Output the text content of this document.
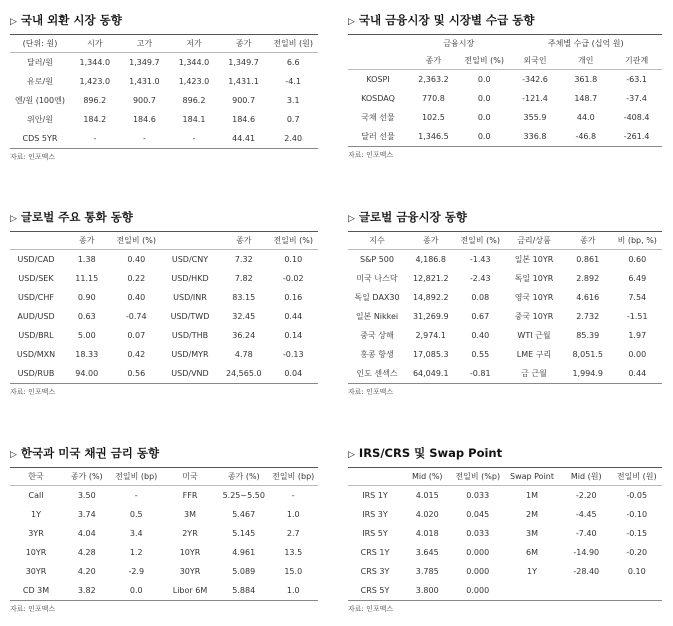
▷ 국내 외환 시장 동향
(단위: 원)	시가	고가	저가	종가	전일비 (원)
달러/원	1,344.0	1,349.7	1,344.0	1,349.7	6.6
유로/원	1,423.0	1,431.0	1,423.0	1,431.1	-4.1
엔/원 (100엔)	896.2	900.7	896.2	900.7	3.1
위안/원	184.2	184.6	184.1	184.6	0.7
CDS 5YR	-	-	-	44.41	2.40
자료: 인포맥스
▷ 국내 금융시장 및 시장별 수급 동향
	금융시장		주체별 수급 (십억 원)		
	종가	전일비 (%)	외국인	개인	기관계
KOSPI	2,363.2	0.0	-342.6	361.8	-63.1
KOSDAQ	770.8	0.0	-121.4	148.7	-37.4
국채 선물	102.5	0.0	355.9	44.0	-408.4
달러 선물	1,346.5	0.0	336.8	-46.8	-261.4
자료: 인포맥스
▷ 글로벌 주요 통화 동향
	종가	전일비 (%)		종가	전일비 (%)
USD/CAD	1.38	0.40	USD/CNY	7.32	0.10
USD/SEK	11.15	0.22	USD/HKD	7.82	-0.02
USD/CHF	0.90	0.40	USD/INR	83.15	0.16
AUD/USD	0.63	-0.74	USD/TWD	32.45	0.44
USD/BRL	5.00	0.07	USD/THB	36.24	0.14
USD/MXN	18.33	0.42	USD/MYR	4.78	-0.13
USD/RUB	94.00	0.56	USD/VND	24,565.0	0.04
자료: 인포맥스
▷ 글로벌 금융시장 동향
지수	종가	전일비 (%)	금리/상품	종가	비 (bp, %)
S&P 500	4,186.8	-1.43	일본 10YR	0.861	0.60
미국 나스닥	12,821.2	-2.43	독일 10YR	2.892	6.49
독일 DAX30	14,892.2	0.08	영국 10YR	4.616	7.54
일본 Nikkei	31,269.9	0.67	중국 10YR	2.732	-1.51
중국 상해	2,974.1	0.40	WTI 근월	85.39	1.97
홍콩 항생	17,085.3	0.55	LME 구리	8,051.5	0.00
인도 센섹스	64,049.1	-0.81	금 근월	1,994.9	0.44
자료: 인포맥스
▷ 한국과 미국 채권 금리 동향
한국	종가 (%)	전일비 (bp)	미국	종가 (%)	전일비 (bp)
Call	3.50	-	FFR	5.25~5.50	-
1Y	3.74	0.5	3M	5.467	1.0
3YR	4.04	3.4	2YR	5.145	2.7
10YR	4.28	1.2	10YR	4.961	13.5
30YR	4.20	-2.9	30YR	5.089	15.0
CD 3M	3.82	0.0	Libor 6M	5.884	1.0
자료: 인포맥스
▷ IRS/CRS 및 Swap Point
	Mid (%)	전일비 (%p)	Swap Point	Mid (원)	전일비 (원)
IRS 1Y	4.015	0.033	1M	-2.20	-0.05
IRS 3Y	4.020	0.045	2M	-4.45	-0.10
IRS 5Y	4.018	0.033	3M	-7.40	-0.15
CRS 1Y	3.645	0.000	6M	-14.90	-0.20
CRS 3Y	3.785	0.000	1Y	-28.40	0.10
CRS 5Y	3.800	0.000			
자료: 인포맥스
